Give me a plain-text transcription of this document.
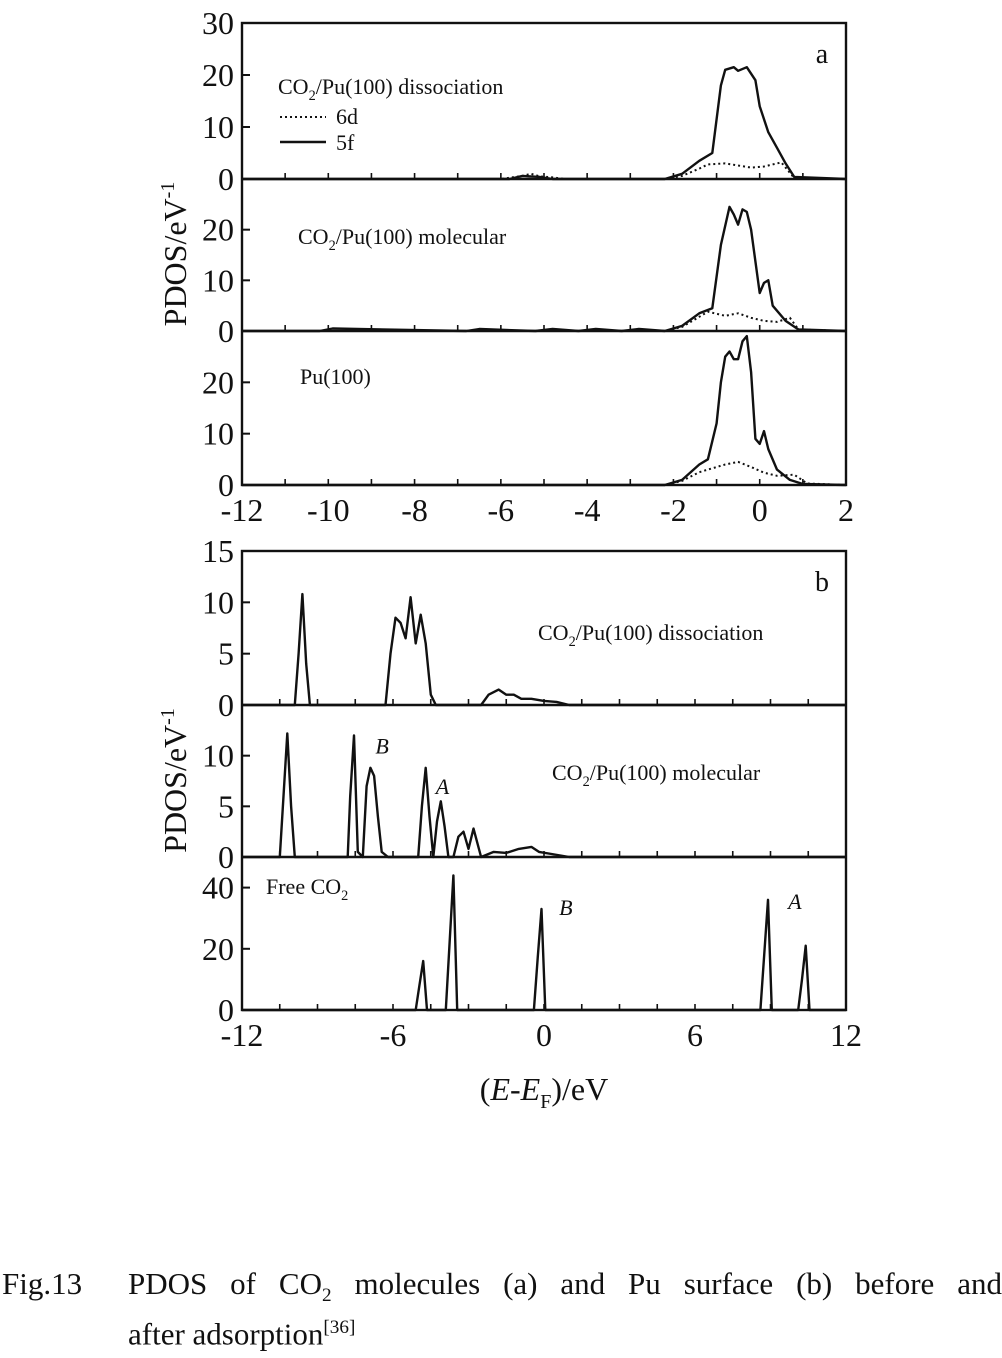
0
10
20
30
$CO_2/Pu(100)$ dissociation
0
10
20	$CO_2/Pu(100)$ molecular
0
10
20	Pu(100)
a
-12 -10 -8 -6 -4 -2 0 2
PDOS/$eV^{-1}$
6d
5f
0
5
10
15
$CO_2/Pu(100)$ dissociation
0
5
10	$CO_2/Pu(100)$ molecular
B
A
0
20
40 Free $CO_2$	B	A
b
-12	-6	0	6	12
PDOS/$eV^{-1}$
$(E-E_F)/eV$
Fig.13 PDOS of $CO_2$ molecules (a) and Pu surface (b) before and
after adsorption[36]
